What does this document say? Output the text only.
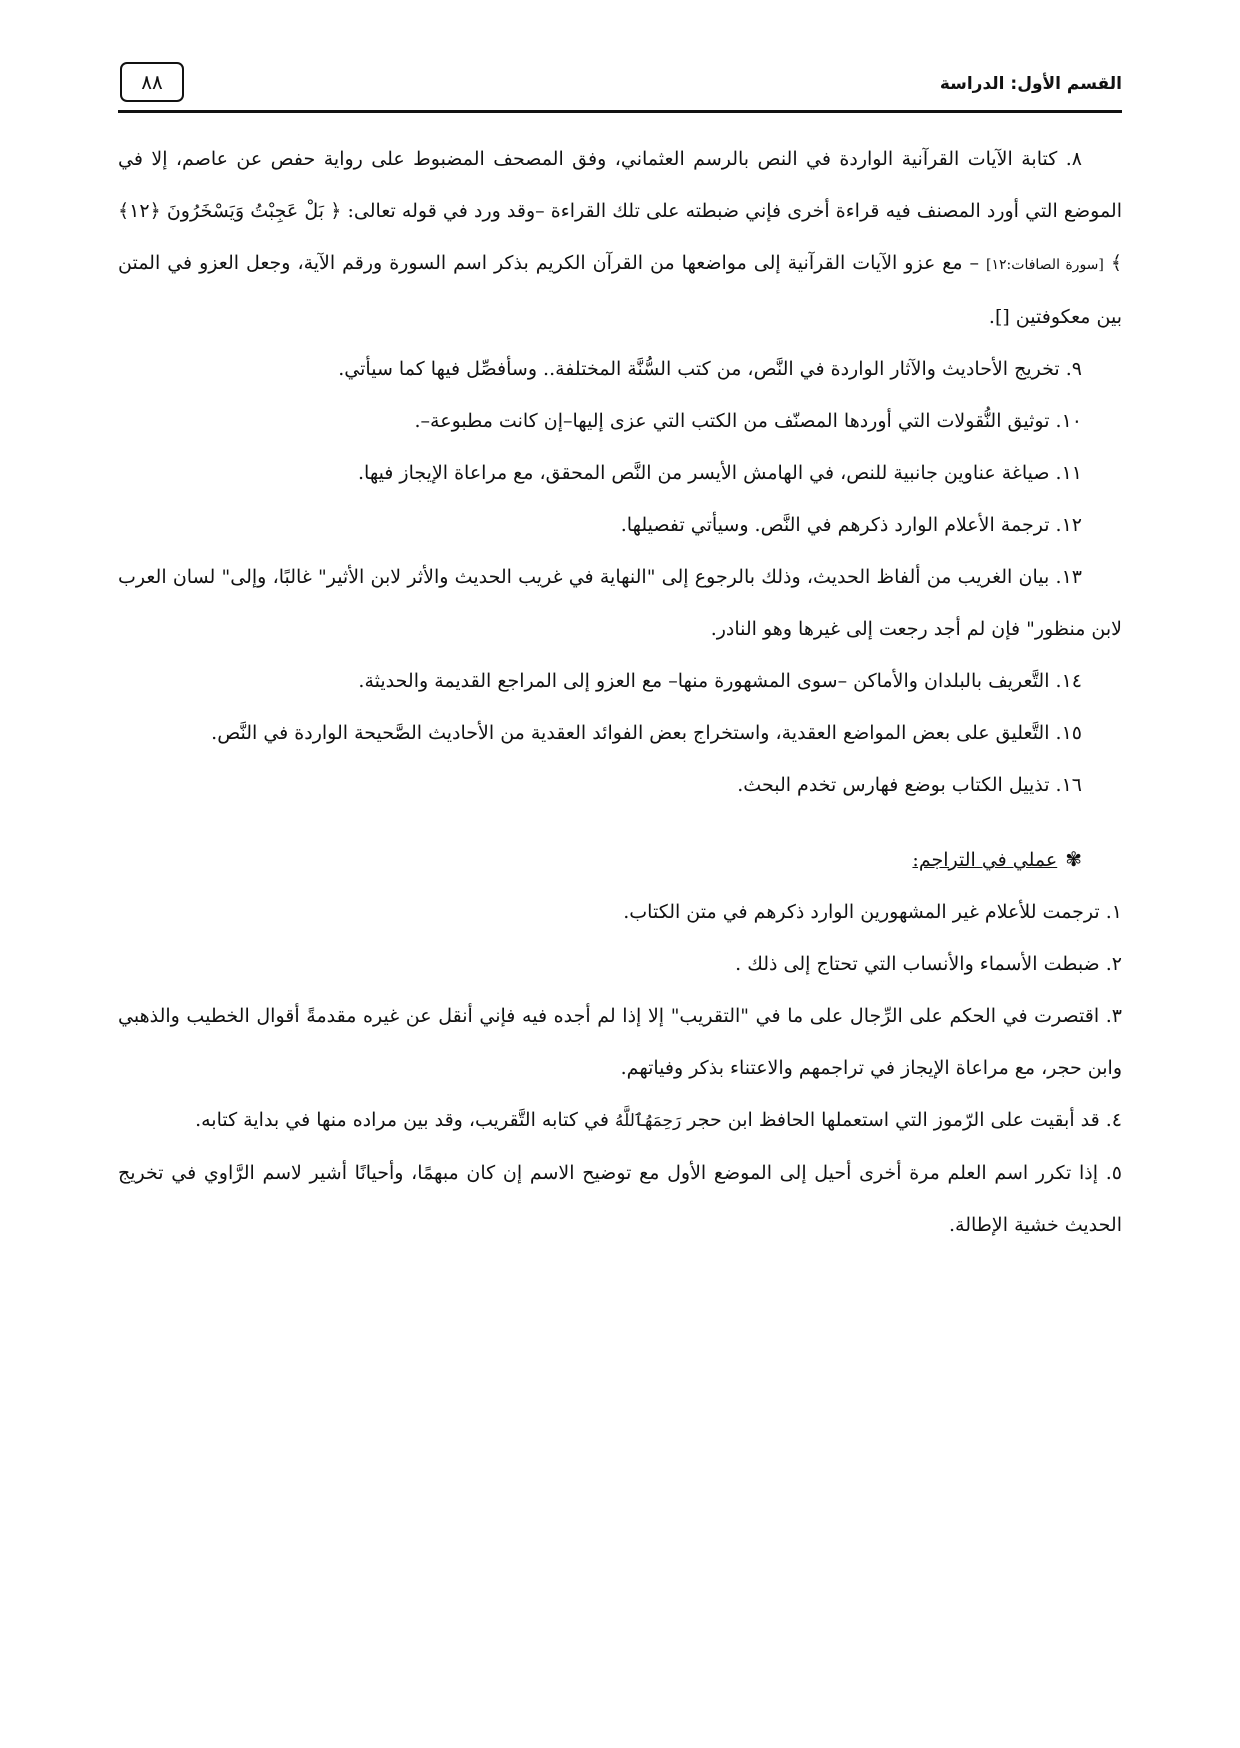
القسم الأول: الدراسة
٨٨

٨. كتابة الآيات القرآنية الواردة في النص بالرسم العثماني، وفق المصحف المضبوط على رواية حفص عن عاصم، إلا في الموضع التي أورد المصنف فيه قراءة أخرى فإني ضبطته على تلك القراءة –وقد ورد في قوله تعالى: ﴿ بَلْ عَجِبْتُ وَيَسْخَرُونَ ﴿١٢﴾ ﴾ [سورة الصافات:١٢] – مع عزو الآيات القرآنية إلى مواضعها من القرآن الكريم بذكر اسم السورة ورقم الآية، وجعل العزو في المتن بين معكوفتين [].

٩. تخريج الأحاديث والآثار الواردة في النَّص، من كتب السُّنَّة المختلفة.. وسأفصِّل فيها كما سيأتي.

١٠. توثيق النُّقولات التي أوردها المصنّف من الكتب التي عزى إليها–إن كانت مطبوعة–.

١١. صياغة عناوين جانبية للنص، في الهامش الأيسر من النَّص المحقق، مع مراعاة الإيجاز فيها.

١٢. ترجمة الأعلام الوارد ذكرهم في النَّص. وسيأتي تفصيلها.

١٣. بيان الغريب من ألفاظ الحديث، وذلك بالرجوع إلى "النهاية في غريب الحديث والأثر لابن الأثير" غالبًا، وإلى" لسان العرب لابن منظور" فإن لم أجد رجعت إلى غيرها وهو النادر.

١٤. التَّعريف بالبلدان والأماكن –سوى المشهورة منها– مع العزو إلى المراجع القديمة والحديثة.

١٥. التَّعليق على بعض المواضع العقدية، واستخراج بعض الفوائد العقدية من الأحاديث الصَّحيحة الواردة في النَّص.

١٦. تذييل الكتاب بوضع فهارس تخدم البحث.

✾عملي في التراجم:

١. ترجمت للأعلام غير المشهورين الوارد ذكرهم في متن الكتاب.

٢. ضبطت الأسماء والأنساب التي تحتاج إلى ذلك .

٣. اقتصرت في الحكم على الرِّجال على ما في "التقريب" إلا إذا لم أجده فيه فإني أنقل عن غيره مقدمةً أقوال الخطيب والذهبي وابن حجر، مع مراعاة الإيجاز في تراجمهم والاعتناء بذكر وفياتهم.

٤. قد أبقيت على الرّموز التي استعملها الحافظ ابن حجر رَحِمَهُٱللَّهُ في كتابه التَّقريب، وقد بين مراده منها في بداية كتابه.

٥. إذا تكرر اسم العلم مرة أخرى أحيل إلى الموضع الأول مع توضيح الاسم إن كان مبهمًا، وأحيانًا أشير لاسم الرَّاوي في تخريج الحديث خشية الإطالة.
